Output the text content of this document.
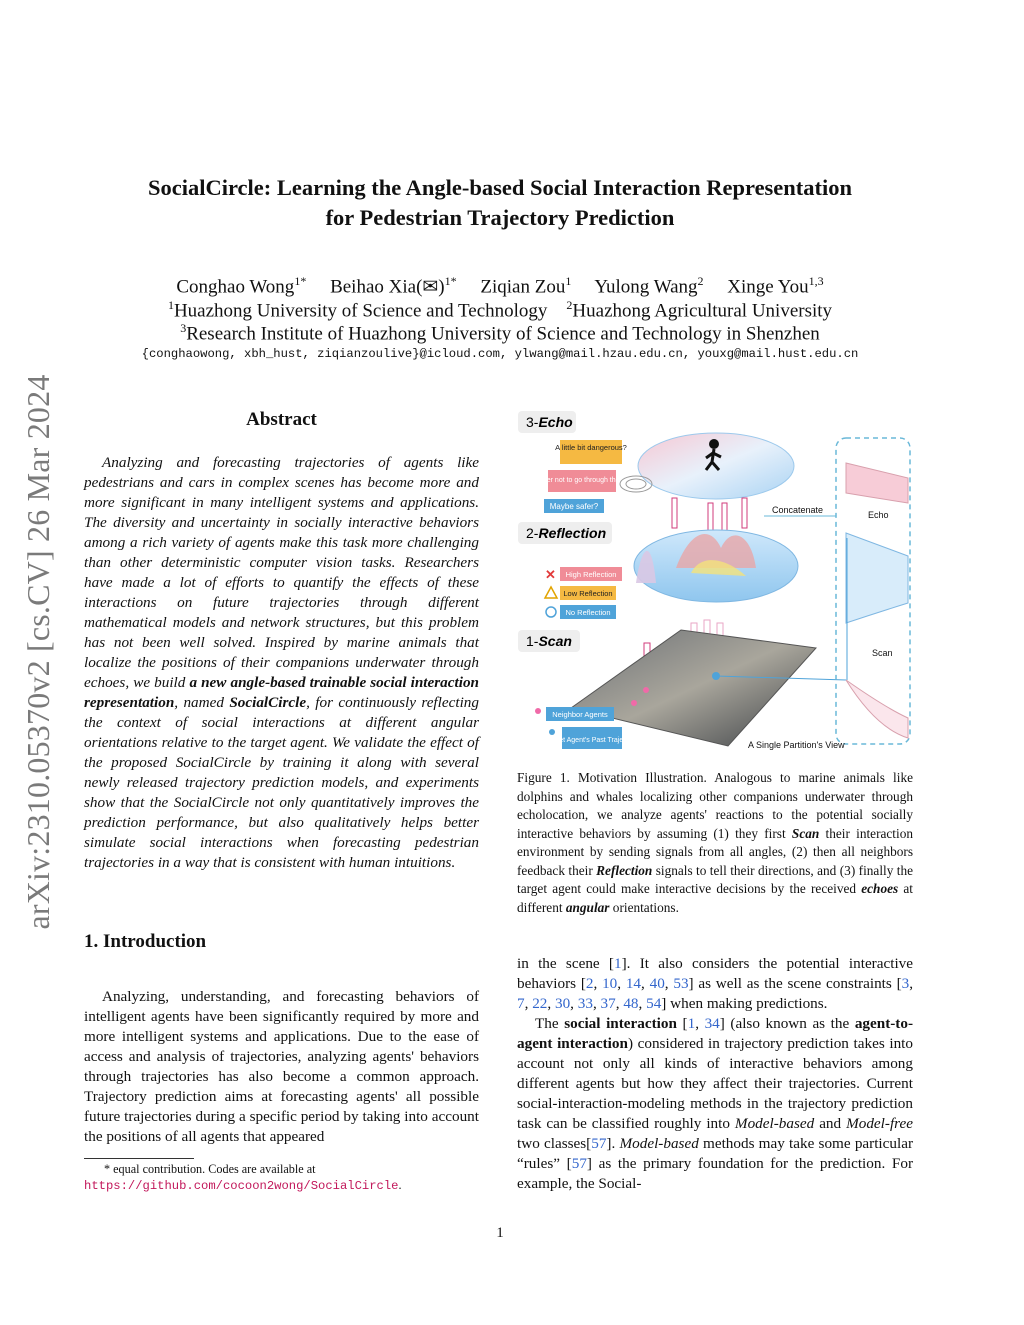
arXiv:2310.05370v2 [cs.CV] 26 Mar 2024
SocialCircle: Learning the Angle-based Social Interaction Representation
for Pedestrian Trajectory Prediction
Conghao Wong$^{1*}$ Beihao Xia(✉)$^{1*}$ Ziqian Zou$^1$ Yulong Wang$^2$ Xinge You$^{1,3}$
$^1$Huazhong University of Science and Technology $^2$Huazhong Agricultural University
$^3$Research Institute of Huazhong University of Science and Technology in Shenzhen
{conghaowong, xbh_hust, ziqianzoulive}@icloud.com, ylwang@mail.hzau.edu.cn, youxg@mail.hust.edu.cn
Abstract
Analyzing and forecasting trajectories of agents like pedestrians and cars in complex scenes has become more and more significant in many intelligent systems and applications. The diversity and uncertainty in socially interactive behaviors among a rich variety of agents make this task more challenging than other deterministic computer vision tasks. Researchers have made a lot of efforts to quantify the effects of these interactions on future trajectories through different mathematical models and network structures, but this problem has not been well solved. Inspired by marine animals that localize the positions of their companions underwater through echoes, we build a new angle-based trainable social interaction representation, named SocialCircle, for continuously reflecting the context of social interactions at different angular orientations relative to the target agent. We validate the effect of the proposed SocialCircle by training it along with several newly released trajectory prediction models, and experiments show that the SocialCircle not only quantitatively improves the prediction performance, but also qualitatively helps better simulate social interactions when forecasting pedestrian trajectories in a way that is consistent with human intuitions.
1. Introduction
Analyzing, understanding, and forecasting behaviors of intelligent agents have been significantly required by more and more intelligent systems and applications. Due to the ease of access and analysis of trajectories, analyzing agents' behaviors through trajectories has also become a common approach. Trajectory prediction aims at forecasting agents' all possible future trajectories during a specific period by taking into account the positions of all agents that appeared
* equal contribution. Codes are available at https://github.com/cocoon2wong/SocialCircle.
3-Echo
2-Reflection
1-Scan
A little bit dangerous?
Better not to go through there?
Maybe safer?
✕ High Reflection
Low Reflection
No Reflection
Neighbor Agents
Target Agent's Past Trajectory
Concatenate	Echo
Scan
A Single Partition's View
Figure 1. Motivation Illustration. Analogous to marine animals like dolphins and whales localizing other companions underwater through echolocation, we analyze agents' reactions to the potential socially interactive behaviors by assuming (1) they first Scan their interaction environment by sending signals from all angles, (2) then all neighbors feedback their Reflection signals to tell their directions, and (3) finally the target agent could make interactive decisions by the received echoes at different angular orientations.

in the scene [1]. It also considers the potential interactive behaviors [2, 10, 14, 40, 53] as well as the scene constraints [3, 7, 22, 30, 33, 37, 48, 54] when making predictions.

The social interaction [1, 34] (also known as the agent-to-agent interaction) considered in trajectory prediction takes into account not only all kinds of interactive behaviors among different agents but how they affect their trajectories. Current social-interaction-modeling methods in the trajectory prediction task can be classified roughly into Model-based and Model-free two classes[57]. Model-based methods may take some particular “rules” [57] as the primary foundation for the prediction. For example, the Social-

1
